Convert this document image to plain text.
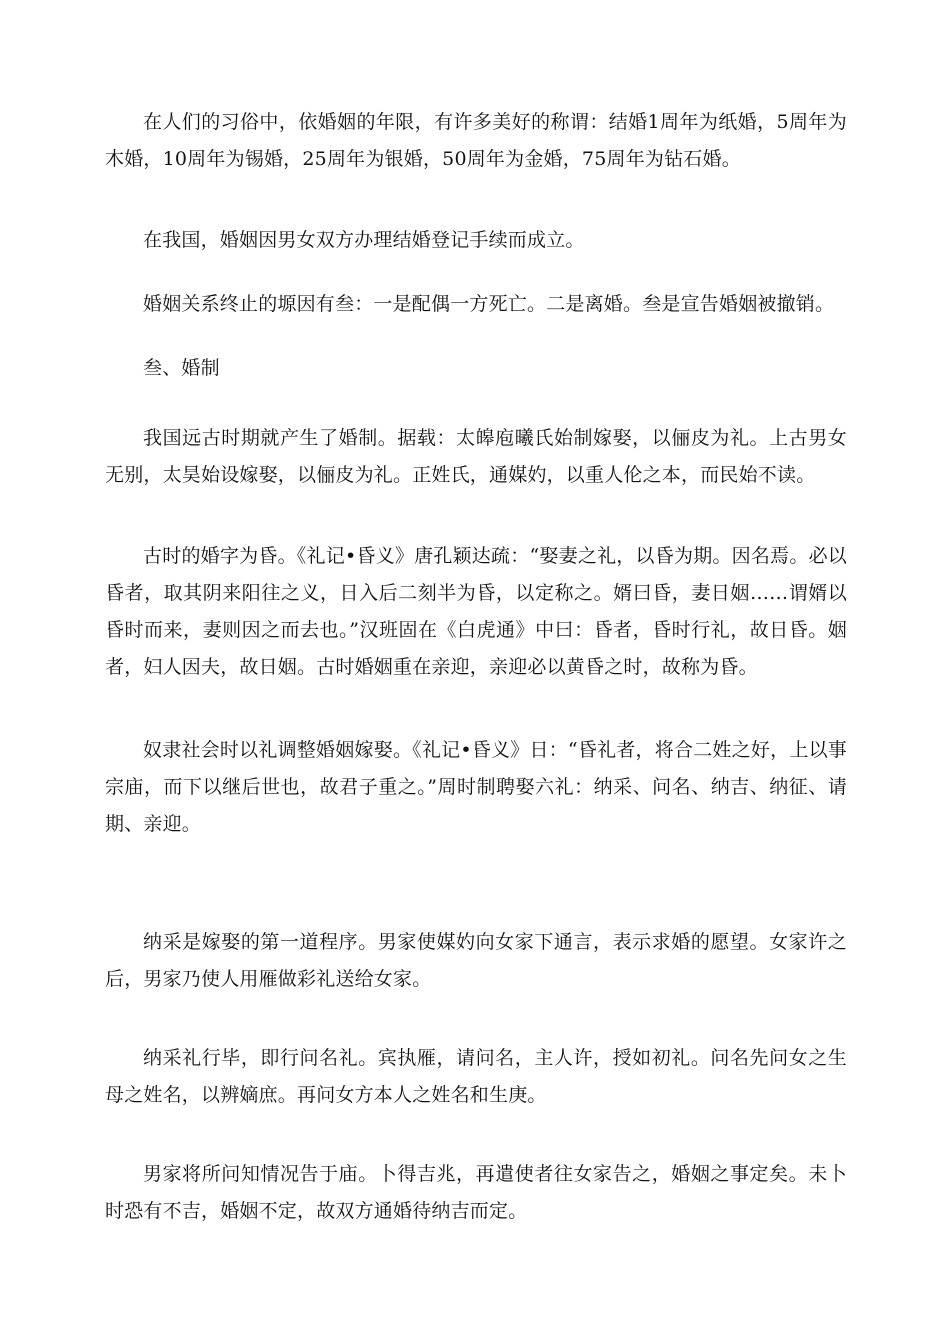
在人们的习俗中，依婚姻的年限，有许多美好的称谓：结婚1周年为纸婚，5周年为木婚，10周年为锡婚，25周年为银婚，50周年为金婚，75周年为钻石婚。

在我国，婚姻因男女双方办理结婚登记手续而成立。

婚姻关系终止的塬因有叁：一是配偶一方死亡。二是离婚。叁是宣告婚姻被撤销。

叁、婚制

我国远古时期就产生了婚制。据载：太皞庖曦氏始制嫁娶，以俪皮为礼。上古男女无别，太昊始设嫁娶，以俪皮为礼。正姓氏，通媒妁，以重人伦之本，而民始不读。

古时的婚字为昏。《礼记•昏义》唐孔颖达疏：“娶妻之礼，以昏为期。因名焉。必以昏者，取其阴来阳往之义，日入后二刻半为昏，以定称之。婿曰昏，妻日姻……谓婿以昏时而来，妻则因之而去也。”汉班固在《白虎通》中曰：昏者，昏时行礼，故日昏。姻者，妇人因夫，故日姻。古时婚姻重在亲迎，亲迎必以黄昏之时，故称为昏。

奴隶社会时以礼调整婚姻嫁娶。《礼记•昏义》日：“昏礼者，将合二姓之好，上以事宗庙，而下以继后世也，故君子重之。”周时制聘娶六礼：纳采、问名、纳吉、纳征、请期、亲迎。

纳采是嫁娶的第一道程序。男家使媒妁向女家下通言，表示求婚的愿望。女家许之后，男家乃使人用雁做彩礼送给女家。

纳采礼行毕，即行问名礼。宾执雁，请问名，主人许，授如初礼。问名先问女之生母之姓名，以辨嫡庶。再问女方本人之姓名和生庚。

男家将所问知情况告于庙。卜得吉兆，再遣使者往女家告之，婚姻之事定矣。未卜时恐有不吉，婚姻不定，故双方通婚待纳吉而定。
